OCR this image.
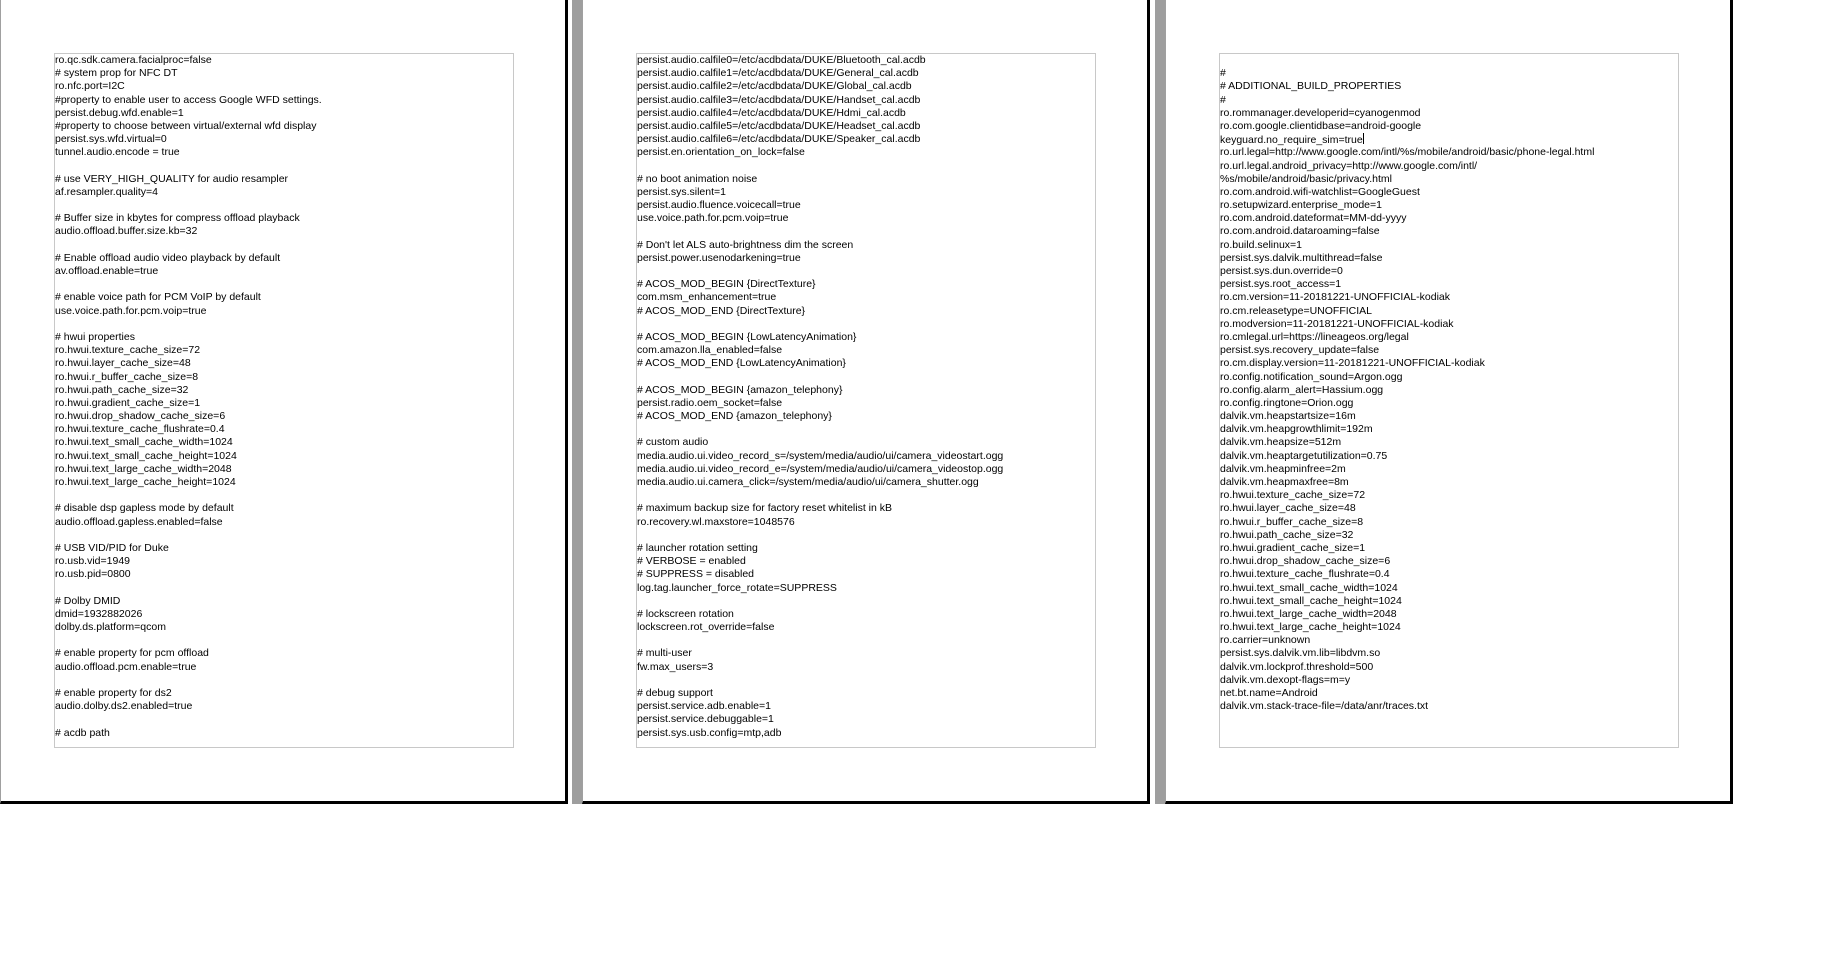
ro.qc.sdk.camera.facialproc=false
# system prop for NFC DT
ro.nfc.port=I2C
#property to enable user to access Google WFD settings.
persist.debug.wfd.enable=1
#property to choose between virtual/external wfd display
persist.sys.wfd.virtual=0
tunnel.audio.encode = true
# use VERY_HIGH_QUALITY for audio resampler
af.resampler.quality=4
# Buffer size in kbytes for compress offload playback
audio.offload.buffer.size.kb=32
# Enable offload audio video playback by default
av.offload.enable=true
# enable voice path for PCM VoIP by default
use.voice.path.for.pcm.voip=true
# hwui properties
ro.hwui.texture_cache_size=72
ro.hwui.layer_cache_size=48
ro.hwui.r_buffer_cache_size=8
ro.hwui.path_cache_size=32
ro.hwui.gradient_cache_size=1
ro.hwui.drop_shadow_cache_size=6
ro.hwui.texture_cache_flushrate=0.4
ro.hwui.text_small_cache_width=1024
ro.hwui.text_small_cache_height=1024
ro.hwui.text_large_cache_width=2048
ro.hwui.text_large_cache_height=1024
# disable dsp gapless mode by default
audio.offload.gapless.enabled=false
# USB VID/PID for Duke
ro.usb.vid=1949
ro.usb.pid=0800
# Dolby DMID
dmid=1932882026
dolby.ds.platform=qcom
# enable property for pcm offload
audio.offload.pcm.enable=true
# enable property for ds2
audio.dolby.ds2.enabled=true
# acdb path
persist.audio.calfile0=/etc/acdbdata/DUKE/Bluetooth_cal.acdb
persist.audio.calfile1=/etc/acdbdata/DUKE/General_cal.acdb
persist.audio.calfile2=/etc/acdbdata/DUKE/Global_cal.acdb
persist.audio.calfile3=/etc/acdbdata/DUKE/Handset_cal.acdb
persist.audio.calfile4=/etc/acdbdata/DUKE/Hdmi_cal.acdb
persist.audio.calfile5=/etc/acdbdata/DUKE/Headset_cal.acdb
persist.audio.calfile6=/etc/acdbdata/DUKE/Speaker_cal.acdb
persist.en.orientation_on_lock=false
# no boot animation noise
persist.sys.silent=1
persist.audio.fluence.voicecall=true
use.voice.path.for.pcm.voip=true
# Don't let ALS auto-brightness dim the screen
persist.power.usenodarkening=true
# ACOS_MOD_BEGIN {DirectTexture}
com.msm_enhancement=true
# ACOS_MOD_END {DirectTexture}
# ACOS_MOD_BEGIN {LowLatencyAnimation}
com.amazon.lla_enabled=false
# ACOS_MOD_END {LowLatencyAnimation}
# ACOS_MOD_BEGIN {amazon_telephony}
persist.radio.oem_socket=false
# ACOS_MOD_END {amazon_telephony}
# custom audio
media.audio.ui.video_record_s=/system/media/audio/ui/camera_videostart.ogg
media.audio.ui.video_record_e=/system/media/audio/ui/camera_videostop.ogg
media.audio.ui.camera_click=/system/media/audio/ui/camera_shutter.ogg
# maximum backup size for factory reset whitelist in kB
ro.recovery.wl.maxstore=1048576
# launcher rotation setting
# VERBOSE = enabled
# SUPPRESS = disabled
log.tag.launcher_force_rotate=SUPPRESS
# lockscreen rotation
lockscreen.rot_override=false
# multi-user
fw.max_users=3
# debug support
persist.service.adb.enable=1
persist.service.debuggable=1
persist.sys.usb.config=mtp,adb
#
# ADDITIONAL_BUILD_PROPERTIES
#
ro.rommanager.developerid=cyanogenmod
ro.com.google.clientidbase=android-google
keyguard.no_require_sim=true
ro.url.legal=http://www.google.com/intl/%s/mobile/android/basic/phone-legal.html
ro.url.legal.android_privacy=http://www.google.com/intl/
%s/mobile/android/basic/privacy.html
ro.com.android.wifi-watchlist=GoogleGuest
ro.setupwizard.enterprise_mode=1
ro.com.android.dateformat=MM-dd-yyyy
ro.com.android.dataroaming=false
ro.build.selinux=1
persist.sys.dalvik.multithread=false
persist.sys.dun.override=0
persist.sys.root_access=1
ro.cm.version=11-20181221-UNOFFICIAL-kodiak
ro.cm.releasetype=UNOFFICIAL
ro.modversion=11-20181221-UNOFFICIAL-kodiak
ro.cmlegal.url=https://lineageos.org/legal
persist.sys.recovery_update=false
ro.cm.display.version=11-20181221-UNOFFICIAL-kodiak
ro.config.notification_sound=Argon.ogg
ro.config.alarm_alert=Hassium.ogg
ro.config.ringtone=Orion.ogg
dalvik.vm.heapstartsize=16m
dalvik.vm.heapgrowthlimit=192m
dalvik.vm.heapsize=512m
dalvik.vm.heaptargetutilization=0.75
dalvik.vm.heapminfree=2m
dalvik.vm.heapmaxfree=8m
ro.hwui.texture_cache_size=72
ro.hwui.layer_cache_size=48
ro.hwui.r_buffer_cache_size=8
ro.hwui.path_cache_size=32
ro.hwui.gradient_cache_size=1
ro.hwui.drop_shadow_cache_size=6
ro.hwui.texture_cache_flushrate=0.4
ro.hwui.text_small_cache_width=1024
ro.hwui.text_small_cache_height=1024
ro.hwui.text_large_cache_width=2048
ro.hwui.text_large_cache_height=1024
ro.carrier=unknown
persist.sys.dalvik.vm.lib=libdvm.so
dalvik.vm.lockprof.threshold=500
dalvik.vm.dexopt-flags=m=y
net.bt.name=Android
dalvik.vm.stack-trace-file=/data/anr/traces.txt
